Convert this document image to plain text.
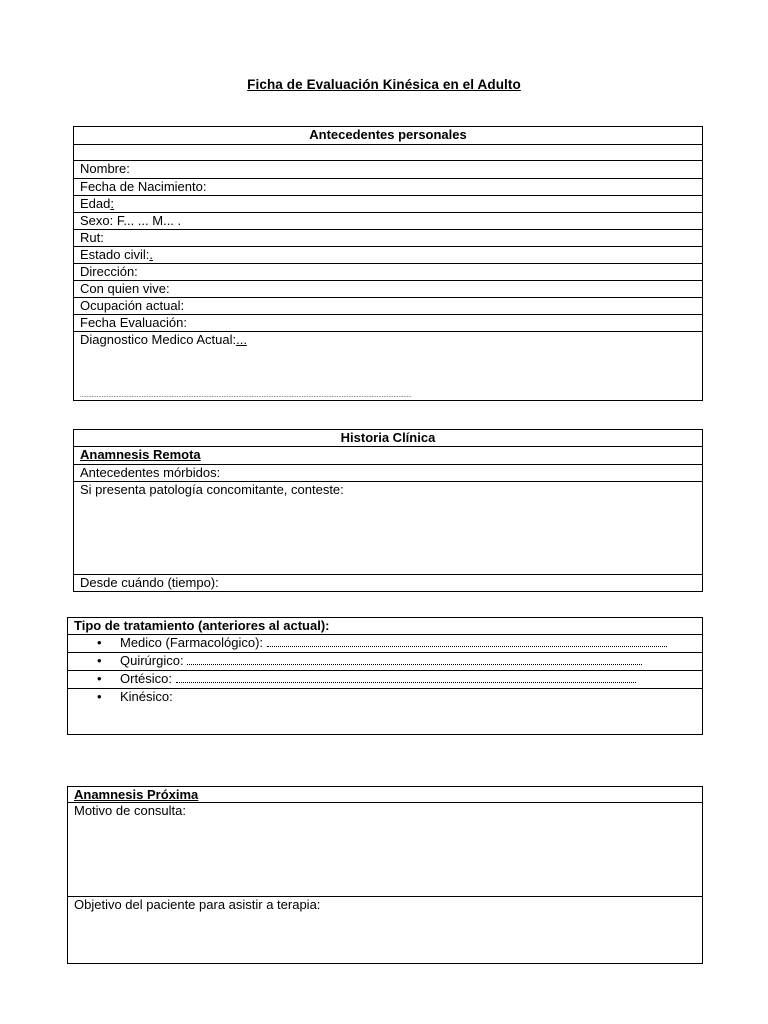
Ficha de Evaluación Kinésica en el Adulto
Antecedentes personales

Nombre:
Fecha de Nacimiento:
Edad:
Sexo: F... ... M... .
Rut:
Estado civil:.
Dirección:
Con quien vive:
Ocupación actual:
Fecha Evaluación:
Diagnostico Medico Actual:...
.......................................................................................................................................................................................................
Historia Clínica
Anamnesis Remota
Antecedentes mórbidos:
Si presenta patología concomitante, conteste:
Desde cuándo (tiempo):
Tipo de tratamiento (anteriores al actual):
• Medico (Farmacológico):
• Quirúrgico:
• Ortésico:
• Kinésico:
Anamnesis Próxima
Motivo de consulta:
Objetivo del paciente para asistir a terapia:
